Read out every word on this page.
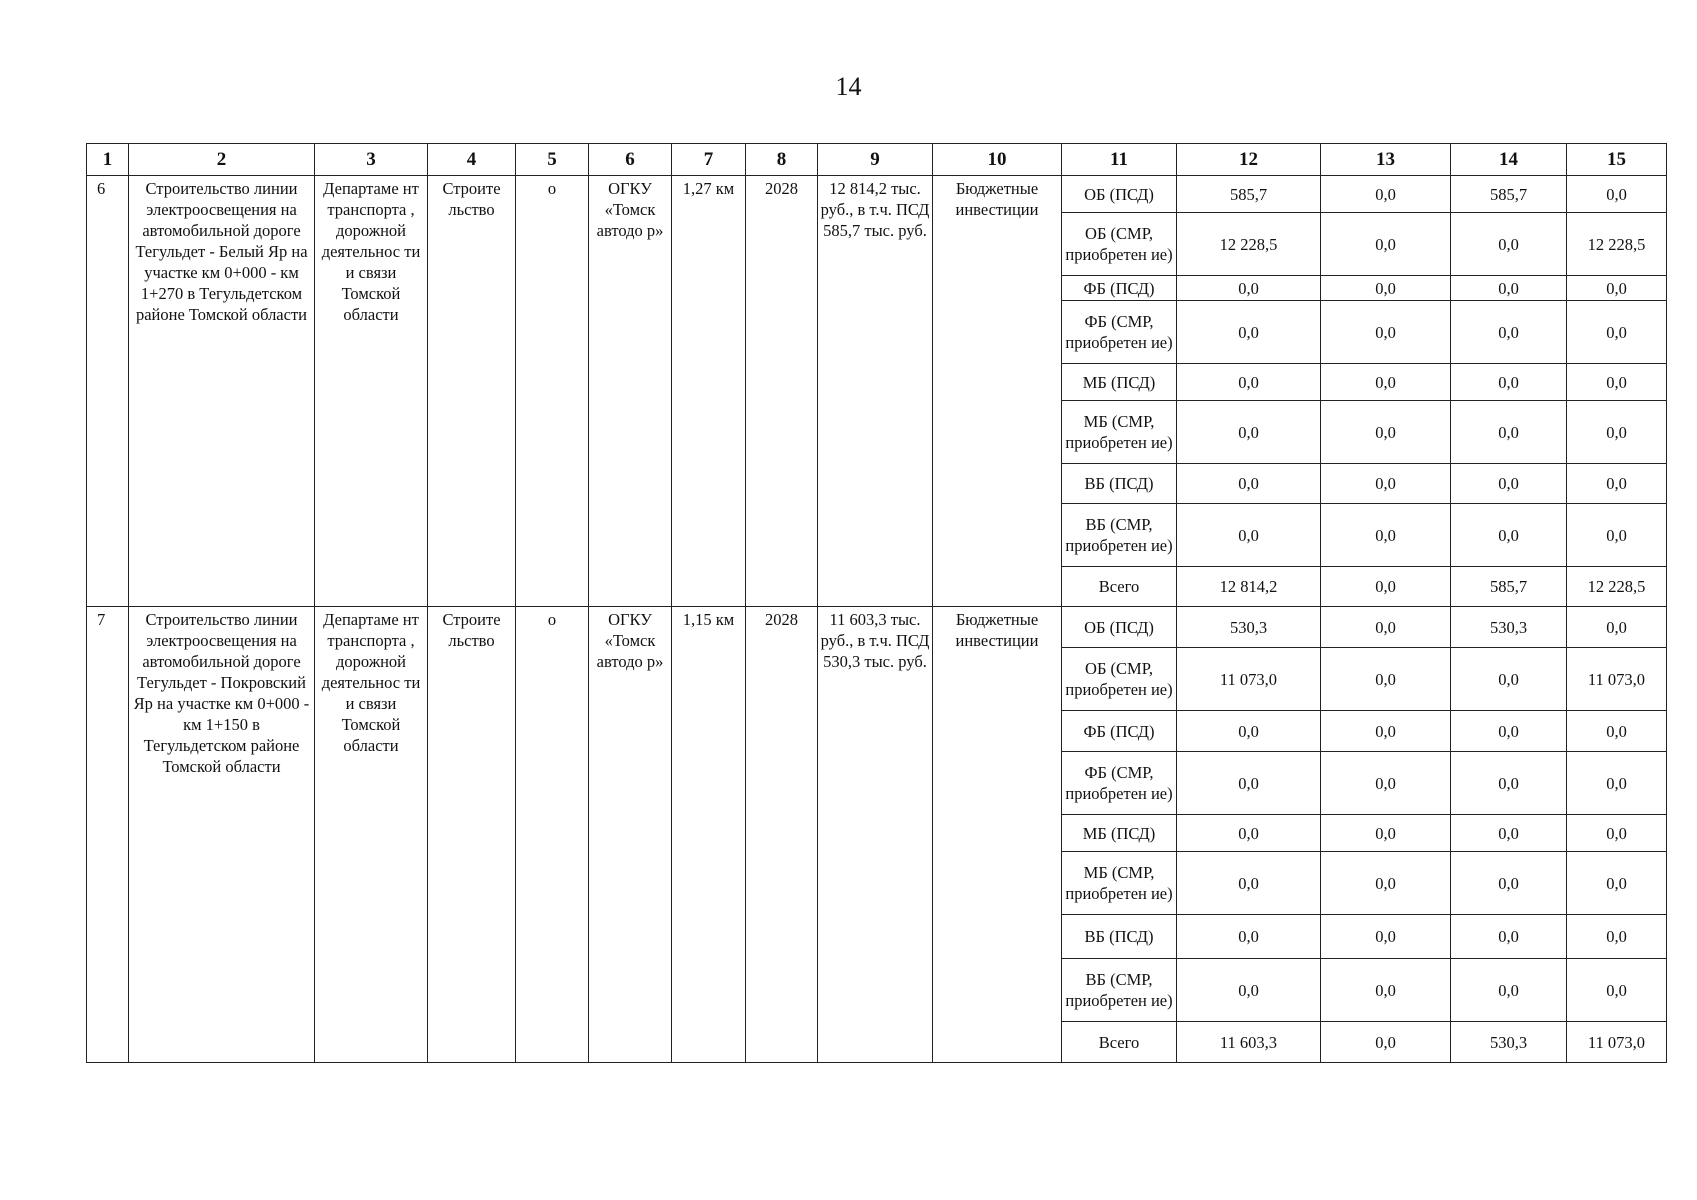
14
1	2	3	4	5	6	7	8	9	10	11	12	13	14	15
6	Строительство линии электроосвещения на автомобильной дороге Тегульдет - Белый Яр на участке км 0+000 - км 1+270 в Тегульдетском районе Томской области	Департаме нт транспорта , дорожной деятельнос ти и связи Томской области	Строите льство	о	ОГКУ «Томск автодо р»	1,27 км	2028	12 814,2 тыс. руб., в т.ч. ПСД 585,7 тыс. руб.	Бюджетные инвестиции	ОБ (ПСД)	585,7	0,0	585,7	0,0
										ОБ (СМР, приобретен ие)	12 228,5	0,0	0,0	12 228,5
										ФБ (ПСД)	0,0	0,0	0,0	0,0
										ФБ (СМР, приобретен ие)	0,0	0,0	0,0	0,0
										МБ (ПСД)	0,0	0,0	0,0	0,0
										МБ (СМР, приобретен ие)	0,0	0,0	0,0	0,0
										ВБ (ПСД)	0,0	0,0	0,0	0,0
										ВБ (СМР, приобретен ие)	0,0	0,0	0,0	0,0
										Всего	12 814,2	0,0	585,7	12 228,5
7	Строительство линии электроосвещения на автомобильной дороге Тегульдет - Покровский Яр на участке км 0+000 - км 1+150 в Тегульдетском районе Томской области	Департаме нт транспорта , дорожной деятельнос ти и связи Томской области	Строите льство	о	ОГКУ «Томск автодо р»	1,15 км	2028	11 603,3 тыс. руб., в т.ч. ПСД 530,3 тыс. руб.	Бюджетные инвестиции	ОБ (ПСД)	530,3	0,0	530,3	0,0
										ОБ (СМР, приобретен ие)	11 073,0	0,0	0,0	11 073,0
										ФБ (ПСД)	0,0	0,0	0,0	0,0
										ФБ (СМР, приобретен ие)	0,0	0,0	0,0	0,0
										МБ (ПСД)	0,0	0,0	0,0	0,0
										МБ (СМР, приобретен ие)	0,0	0,0	0,0	0,0
										ВБ (ПСД)	0,0	0,0	0,0	0,0
										ВБ (СМР, приобретен ие)	0,0	0,0	0,0	0,0
										Всего	11 603,3	0,0	530,3	11 073,0
